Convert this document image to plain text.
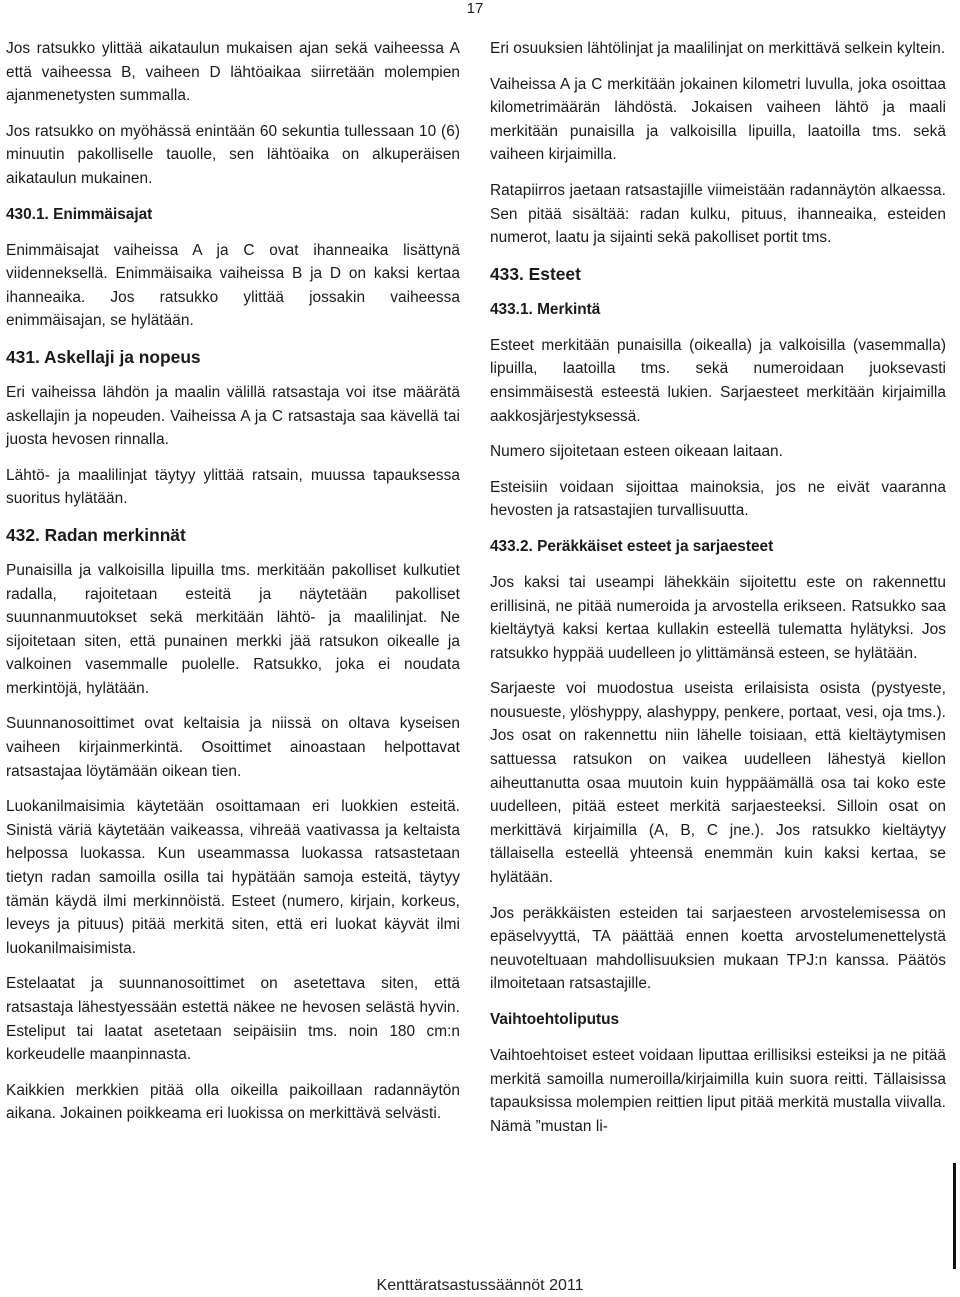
17

Jos ratsukko ylittää aikataulun mukaisen ajan sekä vaiheessa A että vaiheessa B, vaiheen D lähtöaikaa siirretään molempien ajanmenetysten summalla.

Jos ratsukko on myöhässä enintään 60 sekuntia tullessaan 10 (6) minuutin pakolliselle tauolle, sen lähtöaika on alkuperäisen aikataulun mukainen.

430.1. Enimmäisajat

Enimmäisajat vaiheissa A ja C ovat ihanneaika lisättynä viidenneksellä. Enimmäisaika vaiheissa B ja D on kaksi kertaa ihanneaika. Jos ratsukko ylittää jossakin vaiheessa enimmäisajan, se hylätään.

431. Askellaji ja nopeus

Eri vaiheissa lähdön ja maalin välillä ratsastaja voi itse määrätä askellajin ja nopeuden. Vaiheissa A ja C ratsastaja saa kävellä tai juosta hevosen rinnalla.

Lähtö- ja maalilinjat täytyy ylittää ratsain, muussa tapauksessa suoritus hylätään.

432. Radan merkinnät

Punaisilla ja valkoisilla lipuilla tms. merkitään pakolliset kulkutiet radalla, rajoitetaan esteitä ja näytetään pakolliset suunnanmuutokset sekä merkitään lähtö- ja maalilinjat. Ne sijoitetaan siten, että punainen merkki jää ratsukon oikealle ja valkoinen vasemmalle puolelle. Ratsukko, joka ei noudata merkintöjä, hylätään.

Suunnanosoittimet ovat keltaisia ja niissä on oltava kyseisen vaiheen kirjainmerkintä. Osoittimet ainoastaan helpottavat ratsastajaa löytämään oikean tien.

Luokanilmaisimia käytetään osoittamaan eri luokkien esteitä. Sinistä väriä käytetään vaikeassa, vihreää vaativassa ja keltaista helpossa luokassa. Kun useammassa luokassa ratsastetaan tietyn radan samoilla osilla tai hypätään samoja esteitä, täytyy tämän käydä ilmi merkinnöistä. Esteet (numero, kirjain, korkeus, leveys ja pituus) pitää merkitä siten, että eri luokat käyvät ilmi luokanilmaisimista.

Estelaatat ja suunnanosoittimet on asetettava siten, että ratsastaja lähestyessään estettä näkee ne hevosen selästä hyvin. Esteliput tai laatat asetetaan seipäisiin tms. noin 180 cm:n korkeudelle maanpinnasta.

Kaikkien merkkien pitää olla oikeilla paikoillaan radannäytön aikana. Jokainen poikkeama eri luokissa on merkittävä selvästi.

Eri osuuksien lähtölinjat ja maalilinjat on merkittävä selkein kyltein.

Vaiheissa A ja C merkitään jokainen kilometri luvulla, joka osoittaa kilometrimäärän lähdöstä. Jokaisen vaiheen lähtö ja maali merkitään punaisilla ja valkoisilla lipuilla, laatoilla tms. sekä vaiheen kirjaimilla.

Ratapiirros jaetaan ratsastajille viimeistään radannäytön alkaessa. Sen pitää sisältää: radan kulku, pituus, ihanneaika, esteiden numerot, laatu ja sijainti sekä pakolliset portit tms.

433. Esteet
433.1. Merkintä

Esteet merkitään punaisilla (oikealla) ja valkoisilla (vasemmalla) lipuilla, laatoilla tms. sekä numeroidaan juoksevasti ensimmäisestä esteestä lukien. Sarjaesteet merkitään kirjaimilla aakkosjärjestyksessä.

Numero sijoitetaan esteen oikeaan laitaan.

Esteisiin voidaan sijoittaa mainoksia, jos ne eivät vaaranna hevosten ja ratsastajien turvallisuutta.

433.2. Peräkkäiset esteet ja sarjaesteet

Jos kaksi tai useampi lähekkäin sijoitettu este on rakennettu erillisinä, ne pitää numeroida ja arvostella erikseen. Ratsukko saa kieltäytyä kaksi kertaa kullakin esteellä tulematta hylätyksi. Jos ratsukko hyppää uudelleen jo ylittämänsä esteen, se hylätään.

Sarjaeste voi muodostua useista erilaisista osista (pystyeste, nousueste, ylöshyppy, alashyppy, penkere, portaat, vesi, oja tms.). Jos osat on rakennettu niin lähelle toisiaan, että kieltäytymisen sattuessa ratsukon on vaikea uudelleen lähestyä kiellon aiheuttanutta osaa muutoin kuin hyppäämällä osa tai koko este uudelleen, pitää esteet merkitä sarjaesteeksi. Silloin osat on merkittävä kirjaimilla (A, B, C jne.). Jos ratsukko kieltäytyy tällaisella esteellä yhteensä enemmän kuin kaksi kertaa, se hylätään.

Jos peräkkäisten esteiden tai sarjaesteen arvostelemisessa on epäselvyyttä, TA päättää ennen koetta arvostelumenettelystä neuvoteltuaan mahdollisuuksien mukaan TPJ:n kanssa. Päätös ilmoitetaan ratsastajille.

Vaihtoehtoliputus

Vaihtoehtoiset esteet voidaan liputtaa erillisiksi esteiksi ja ne pitää merkitä samoilla numeroilla/kirjaimilla kuin suora reitti. Tällaisissa tapauksissa molempien reittien liput pitää merkitä mustalla viivalla. Nämä ”mustan li-

Kenttäratsastussäännöt 2011
